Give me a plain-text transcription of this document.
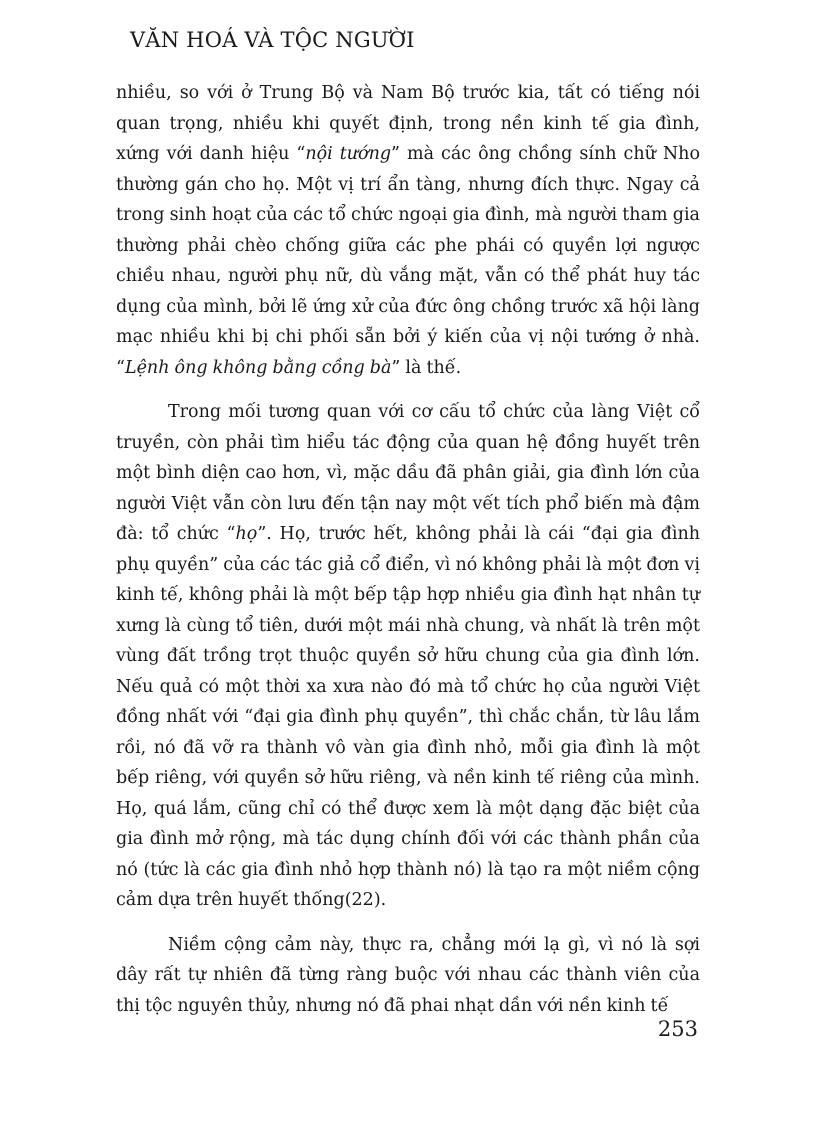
VĂN HOÁ VÀ TỘC NGƯỜI

nhiều, so với ở Trung Bộ và Nam Bộ trước kia, tất có tiếng nói quan trọng, nhiều khi quyết định, trong nền kinh tế gia đình, xứng với danh hiệu “nội tướng” mà các ông chồng sính chữ Nho thường gán cho họ. Một vị trí ẩn tàng, nhưng đích thực. Ngay cả trong sinh hoạt của các tổ chức ngoại gia đình, mà người tham gia thường phải chèo chống giữa các phe phái có quyền lợi ngược chiều nhau, người phụ nữ, dù vắng mặt, vẫn có thể phát huy tác dụng của mình, bởi lẽ ứng xử của đức ông chồng trước xã hội làng mạc nhiều khi bị chi phối sẵn bởi ý kiến của vị nội tướng ở nhà. “Lệnh ông không bằng cồng bà” là thế.

Trong mối tương quan với cơ cấu tổ chức của làng Việt cổ truyền, còn phải tìm hiểu tác động của quan hệ đồng huyết trên một bình diện cao hơn, vì, mặc dầu đã phân giải, gia đình lớn của người Việt vẫn còn lưu đến tận nay một vết tích phổ biến mà đậm đà: tổ chức “họ”. Họ, trước hết, không phải là cái “đại gia đình phụ quyền” của các tác giả cổ điển, vì nó không phải là một đơn vị kinh tế, không phải là một bếp tập hợp nhiều gia đình hạt nhân tự xưng là cùng tổ tiên, dưới một mái nhà chung, và nhất là trên một vùng đất trồng trọt thuộc quyền sở hữu chung của gia đình lớn. Nếu quả có một thời xa xưa nào đó mà tổ chức họ của người Việt đồng nhất với “đại gia đình phụ quyền”, thì chắc chắn, từ lâu lắm rồi, nó đã vỡ ra thành vô vàn gia đình nhỏ, mỗi gia đình là một bếp riêng, với quyền sở hữu riêng, và nền kinh tế riêng của mình. Họ, quá lắm, cũng chỉ có thể được xem là một dạng đặc biệt của gia đình mở rộng, mà tác dụng chính đối với các thành phần của nó (tức là các gia đình nhỏ hợp thành nó) là tạo ra một niềm cộng cảm dựa trên huyết thống(22).

Niềm cộng cảm này, thực ra, chẳng mới lạ gì, vì nó là sợi dây rất tự nhiên đã từng ràng buộc với nhau các thành viên của thị tộc nguyên thủy, nhưng nó đã phai nhạt dần với nền kinh tế

253
